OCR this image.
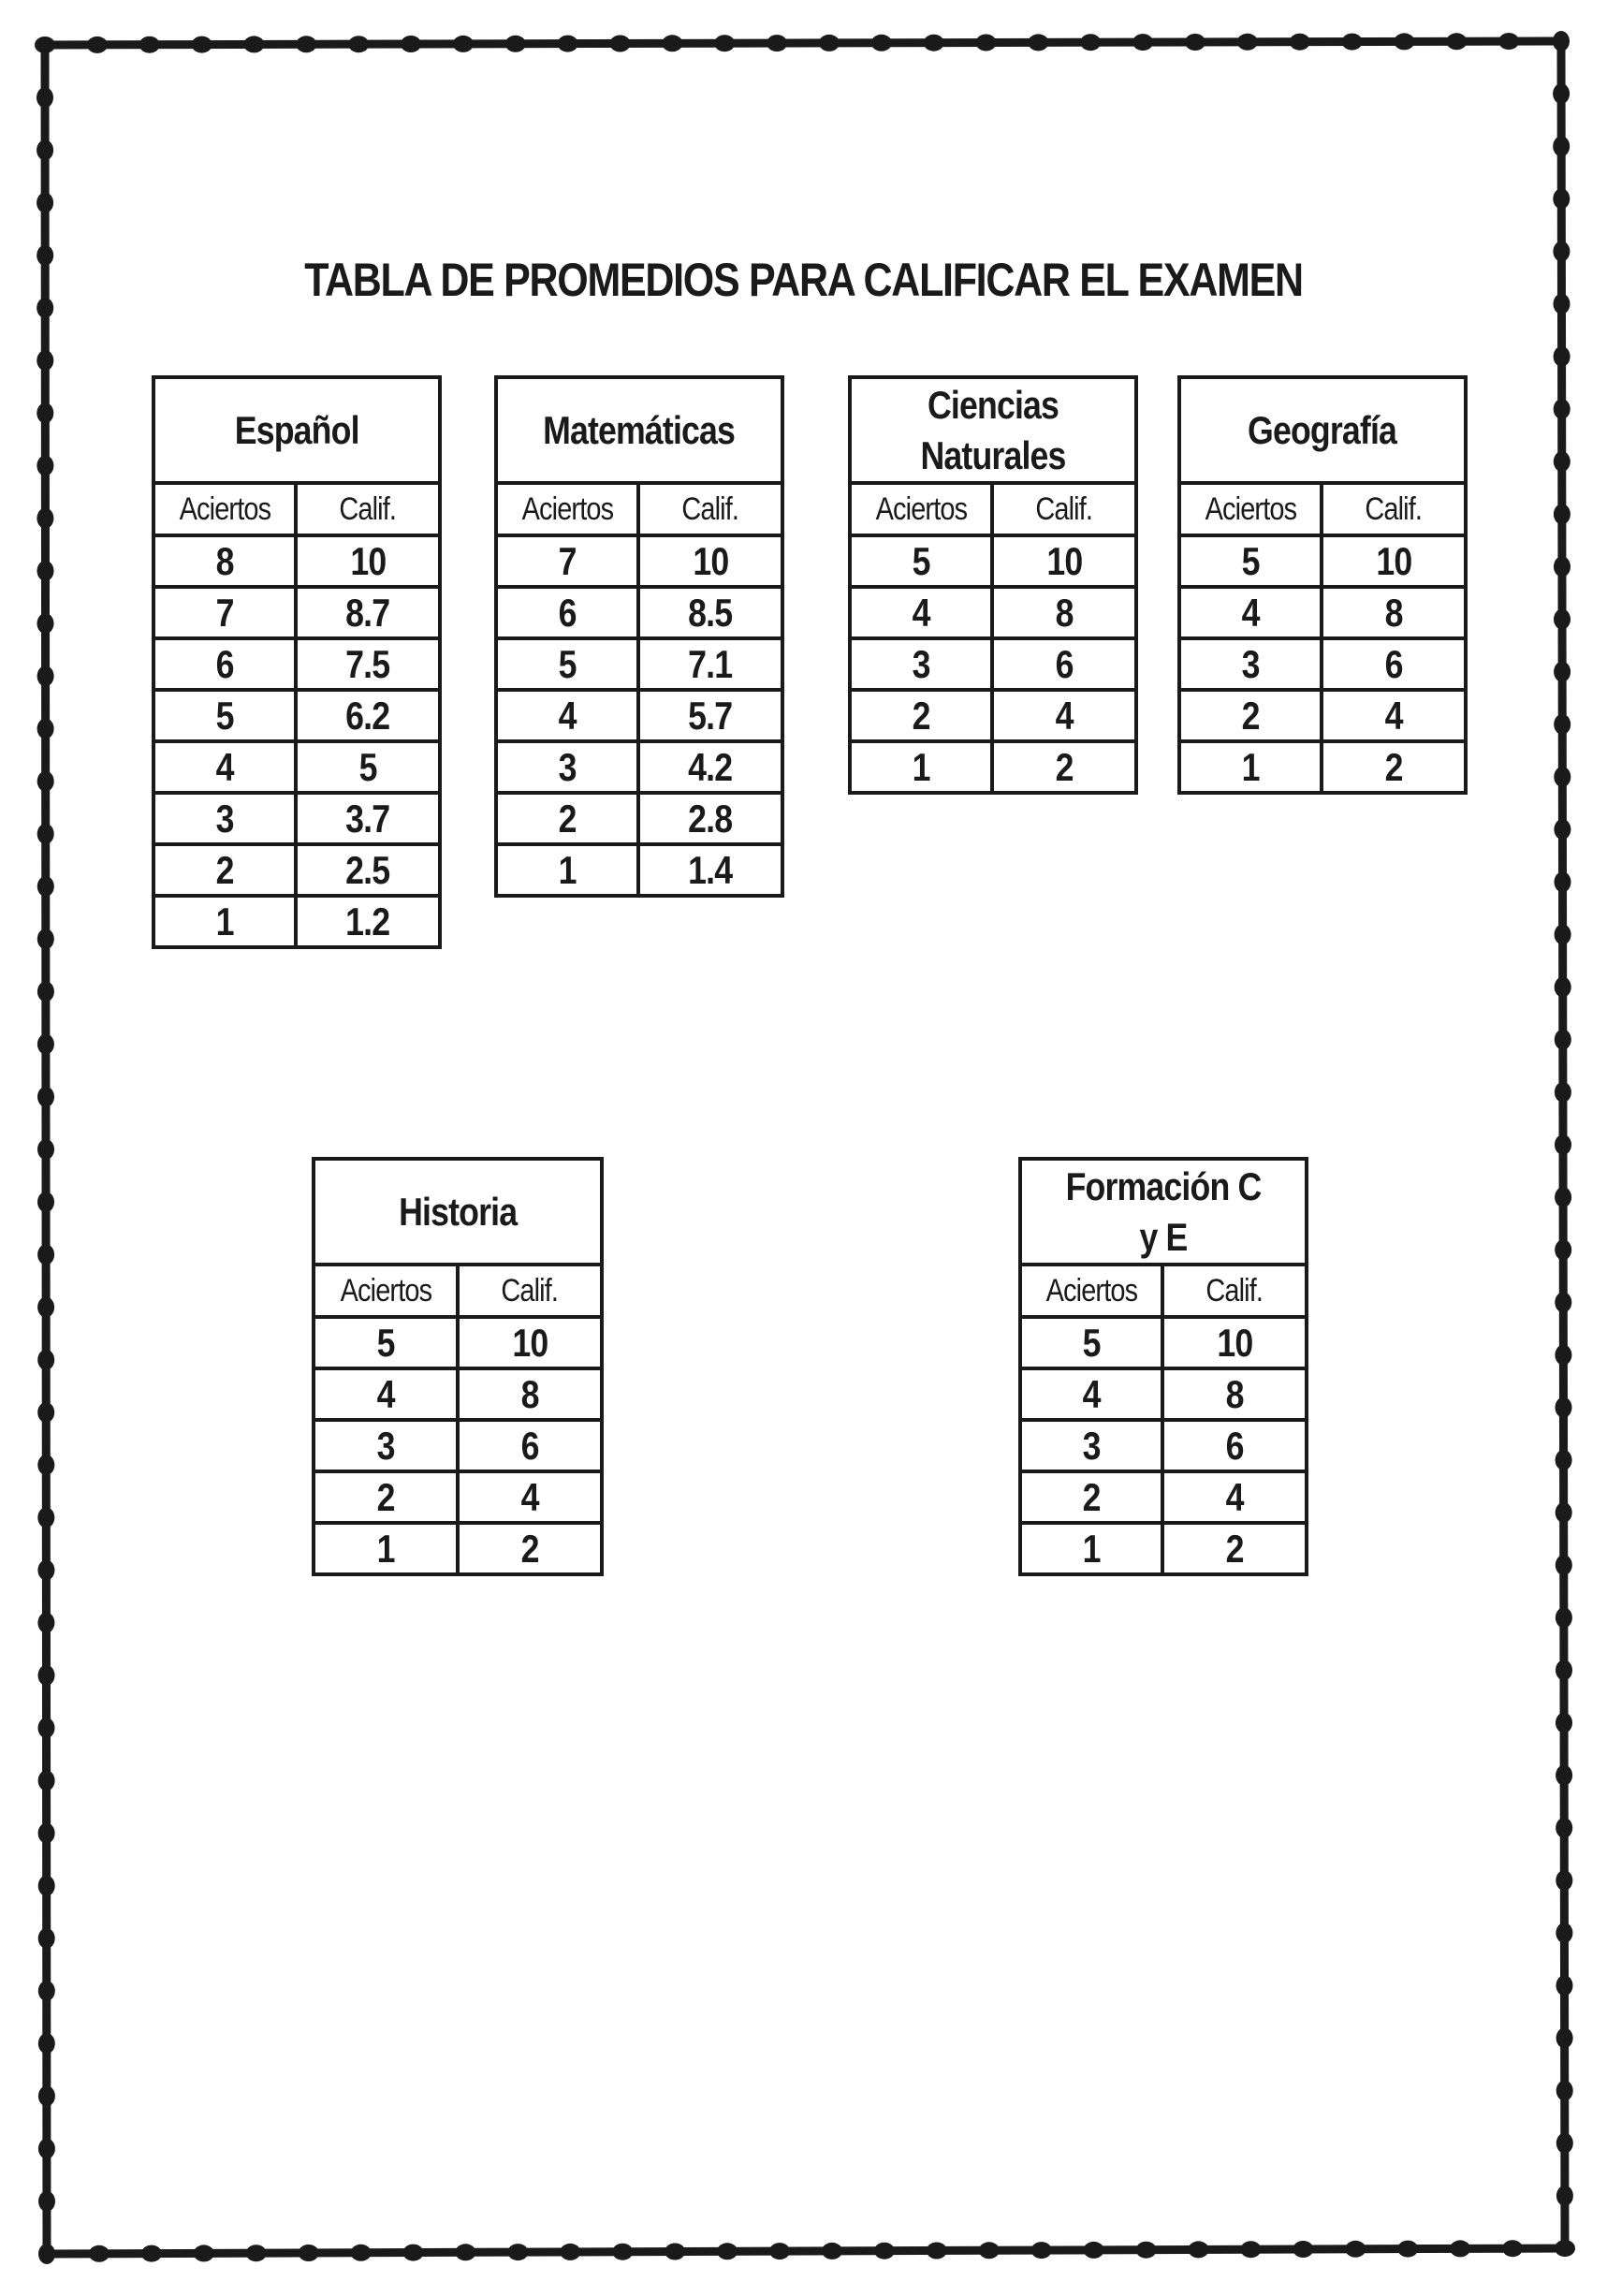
TABLA DE PROMEDIOS PARA CALIFICAR EL EXAMEN
Español	
Aciertos	Calif.
8	10
7	8.7
6	7.5
5	6.2
4	5
3	3.7
2	2.5
1	1.2
Matemáticas	
Aciertos	Calif.
7	10
6	8.5
5	7.1
4	5.7
3	4.2
2	2.8
1	1.4
Ciencias Naturales	
Aciertos	Calif.
5	10
4	8
3	6
2	4
1	2
Geografía	
Aciertos	Calif.
5	10
4	8
3	6
2	4
1	2
Historia	
Aciertos	Calif.
5	10
4	8
3	6
2	4
1	2
Formación C y E	
Aciertos	Calif.
5	10
4	8
3	6
2	4
1	2
